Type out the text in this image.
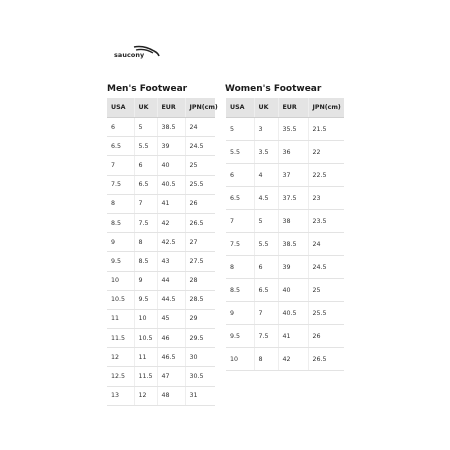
saucony
Men's Footwear
USA	UK	EUR	JPN(cm)
6	5	38.5	24
6.5	5.5	39	24.5
7	6	40	25
7.5	6.5	40.5	25.5
8	7	41	26
8.5	7.5	42	26.5
9	8	42.5	27
9.5	8.5	43	27.5
10	9	44	28
10.5	9.5	44.5	28.5
11	10	45	29
11.5	10.5	46	29.5
12	11	46.5	30
12.5	11.5	47	30.5
13	12	48	31
Women's Footwear
USA	UK	EUR	JPN(cm)
5	3	35.5	21.5
5.5	3.5	36	22
6	4	37	22.5
6.5	4.5	37.5	23
7	5	38	23.5
7.5	5.5	38.5	24
8	6	39	24.5
8.5	6.5	40	25
9	7	40.5	25.5
9.5	7.5	41	26
10	8	42	26.5
